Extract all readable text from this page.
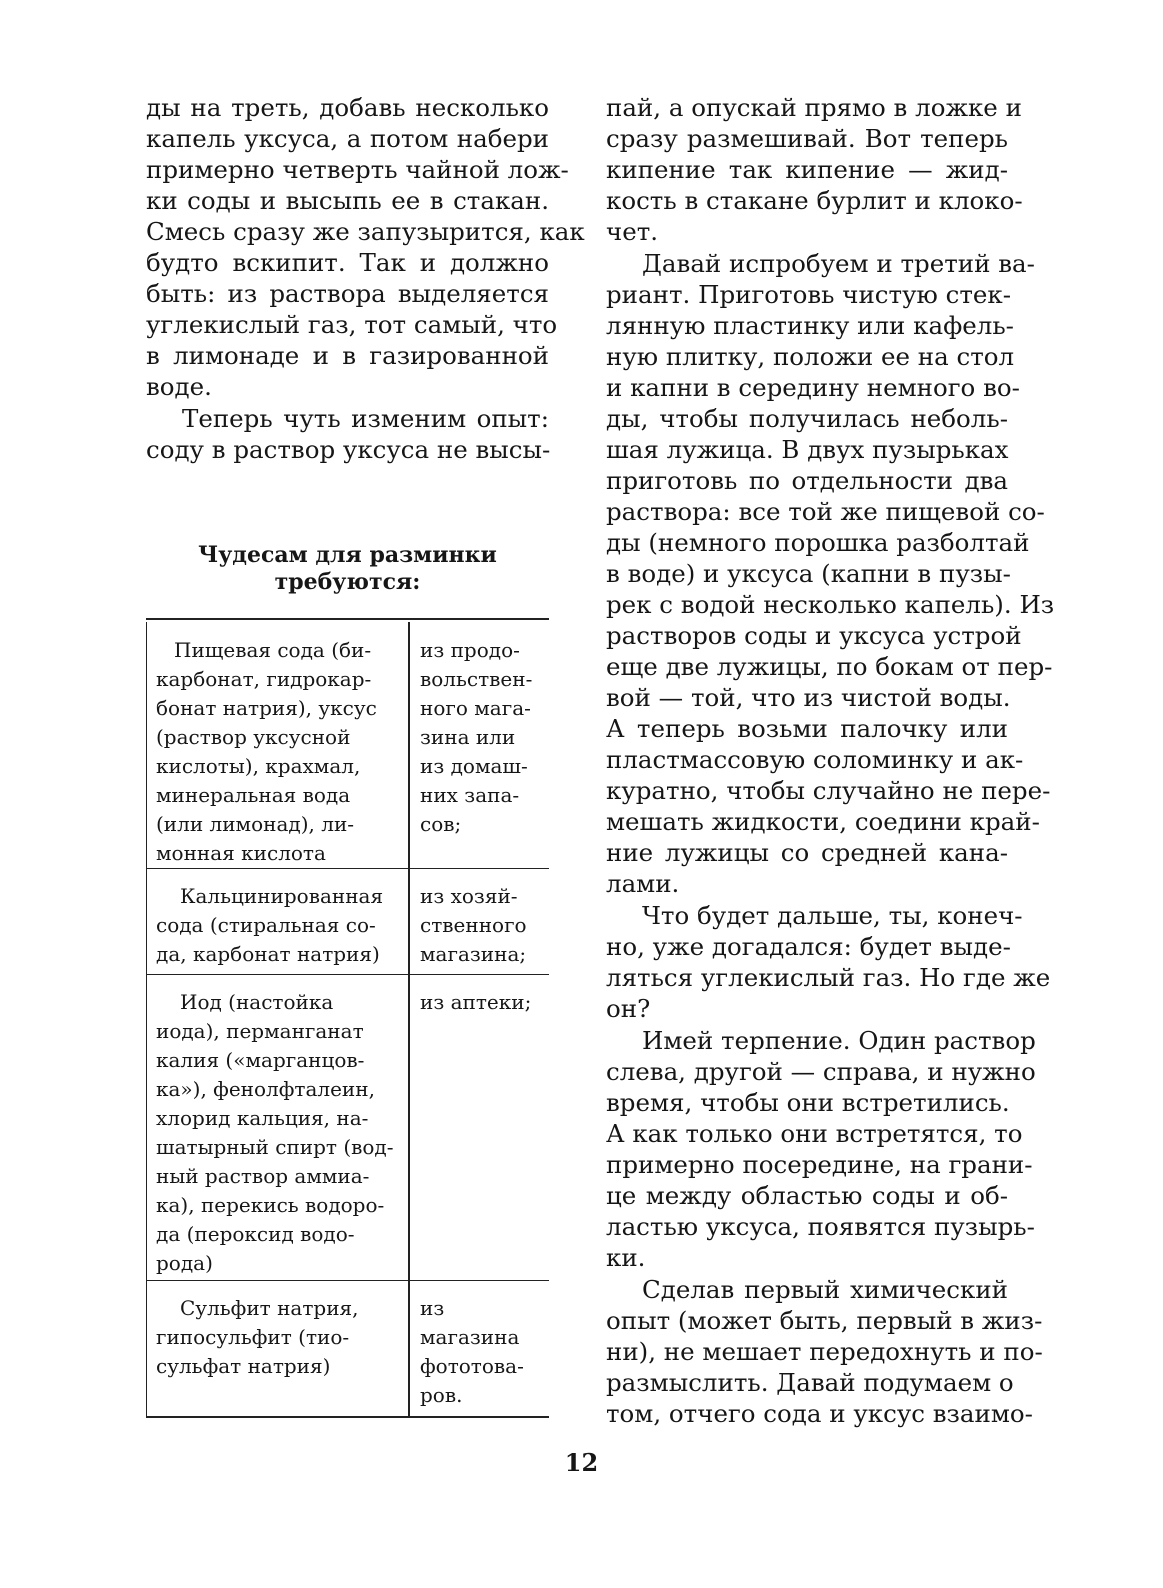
ды на треть, добавь несколько

капель уксуса, а потом набери

примерно четверть чайной лож-

ки соды и высыпь ее в стакан.

Смесь сразу же запузырится, как

будто вскипит. Так и должно

быть: из раствора выделяется

углекислый газ, тот самый, что

в лимонаде и в газированной

воде.

Теперь чуть изменим опыт:

соду в раствор уксуса не высы-

пай, а опускай прямо в ложке и

сразу размешивай. Вот теперь

кипение так кипение — жид-

кость в стакане бурлит и клоко-

чет.

Давай испробуем и третий ва-

риант. Приготовь чистую стек-

лянную пластинку или кафель-

ную плитку, положи ее на стол

и капни в середину немного во-

ды, чтобы получилась неболь-

шая лужица. В двух пузырьках

приготовь по отдельности два

раствора: все той же пищевой со-

ды (немного порошка разболтай

в воде) и уксуса (капни в пузы-

рек с водой несколько капель). Из

растворов соды и уксуса устрой

еще две лужицы, по бокам от пер-

вой — той, что из чистой воды.

А теперь возьми палочку или

пластмассовую соломинку и ак-

куратно, чтобы случайно не пере-

мешать жидкости, соедини край-

ние лужицы со средней кана-

лами.

Что будет дальше, ты, конеч-

но, уже догадался: будет выде-

ляться углекислый газ. Но где же

он?

Имей терпение. Один раствор

слева, другой — справа, и нужно

время, чтобы они встретились.

А как только они встретятся, то

примерно посередине, на грани-

це между областью соды и об-

ластью уксуса, появятся пузырь-

ки.

Сделав первый химический

опыт (может быть, первый в жиз-

ни), не мешает передохнуть и по-

размыслить. Давай подумаем о

том, отчего сода и уксус взаимо-

Чудесам для разминки

требуются:

Пищевая сода (би-

карбонат, гидрокар-

бонат натрия), уксус

(раствор уксусной

кислоты), крахмал,

минеральная вода

(или лимонад), ли-

монная кислота

из продо-

вольствен-

ного мага-

зина или

из домаш-

них запа-

сов;

Кальцинированная

сода (стиральная со-

да, карбонат натрия)

из хозяй-

ственного

магазина;

Иод (настойка

иода), перманганат

калия («марганцов-

ка»), фенолфталеин,

хлорид кальция, на-

шатырный спирт (вод-

ный раствор аммиа-

ка), перекись водоро-

да (пероксид водо-

рода)

из аптеки;

Сульфит натрия,

гипосульфит (тио-

сульфат натрия)

из

магазина

фототова-

ров.

12
